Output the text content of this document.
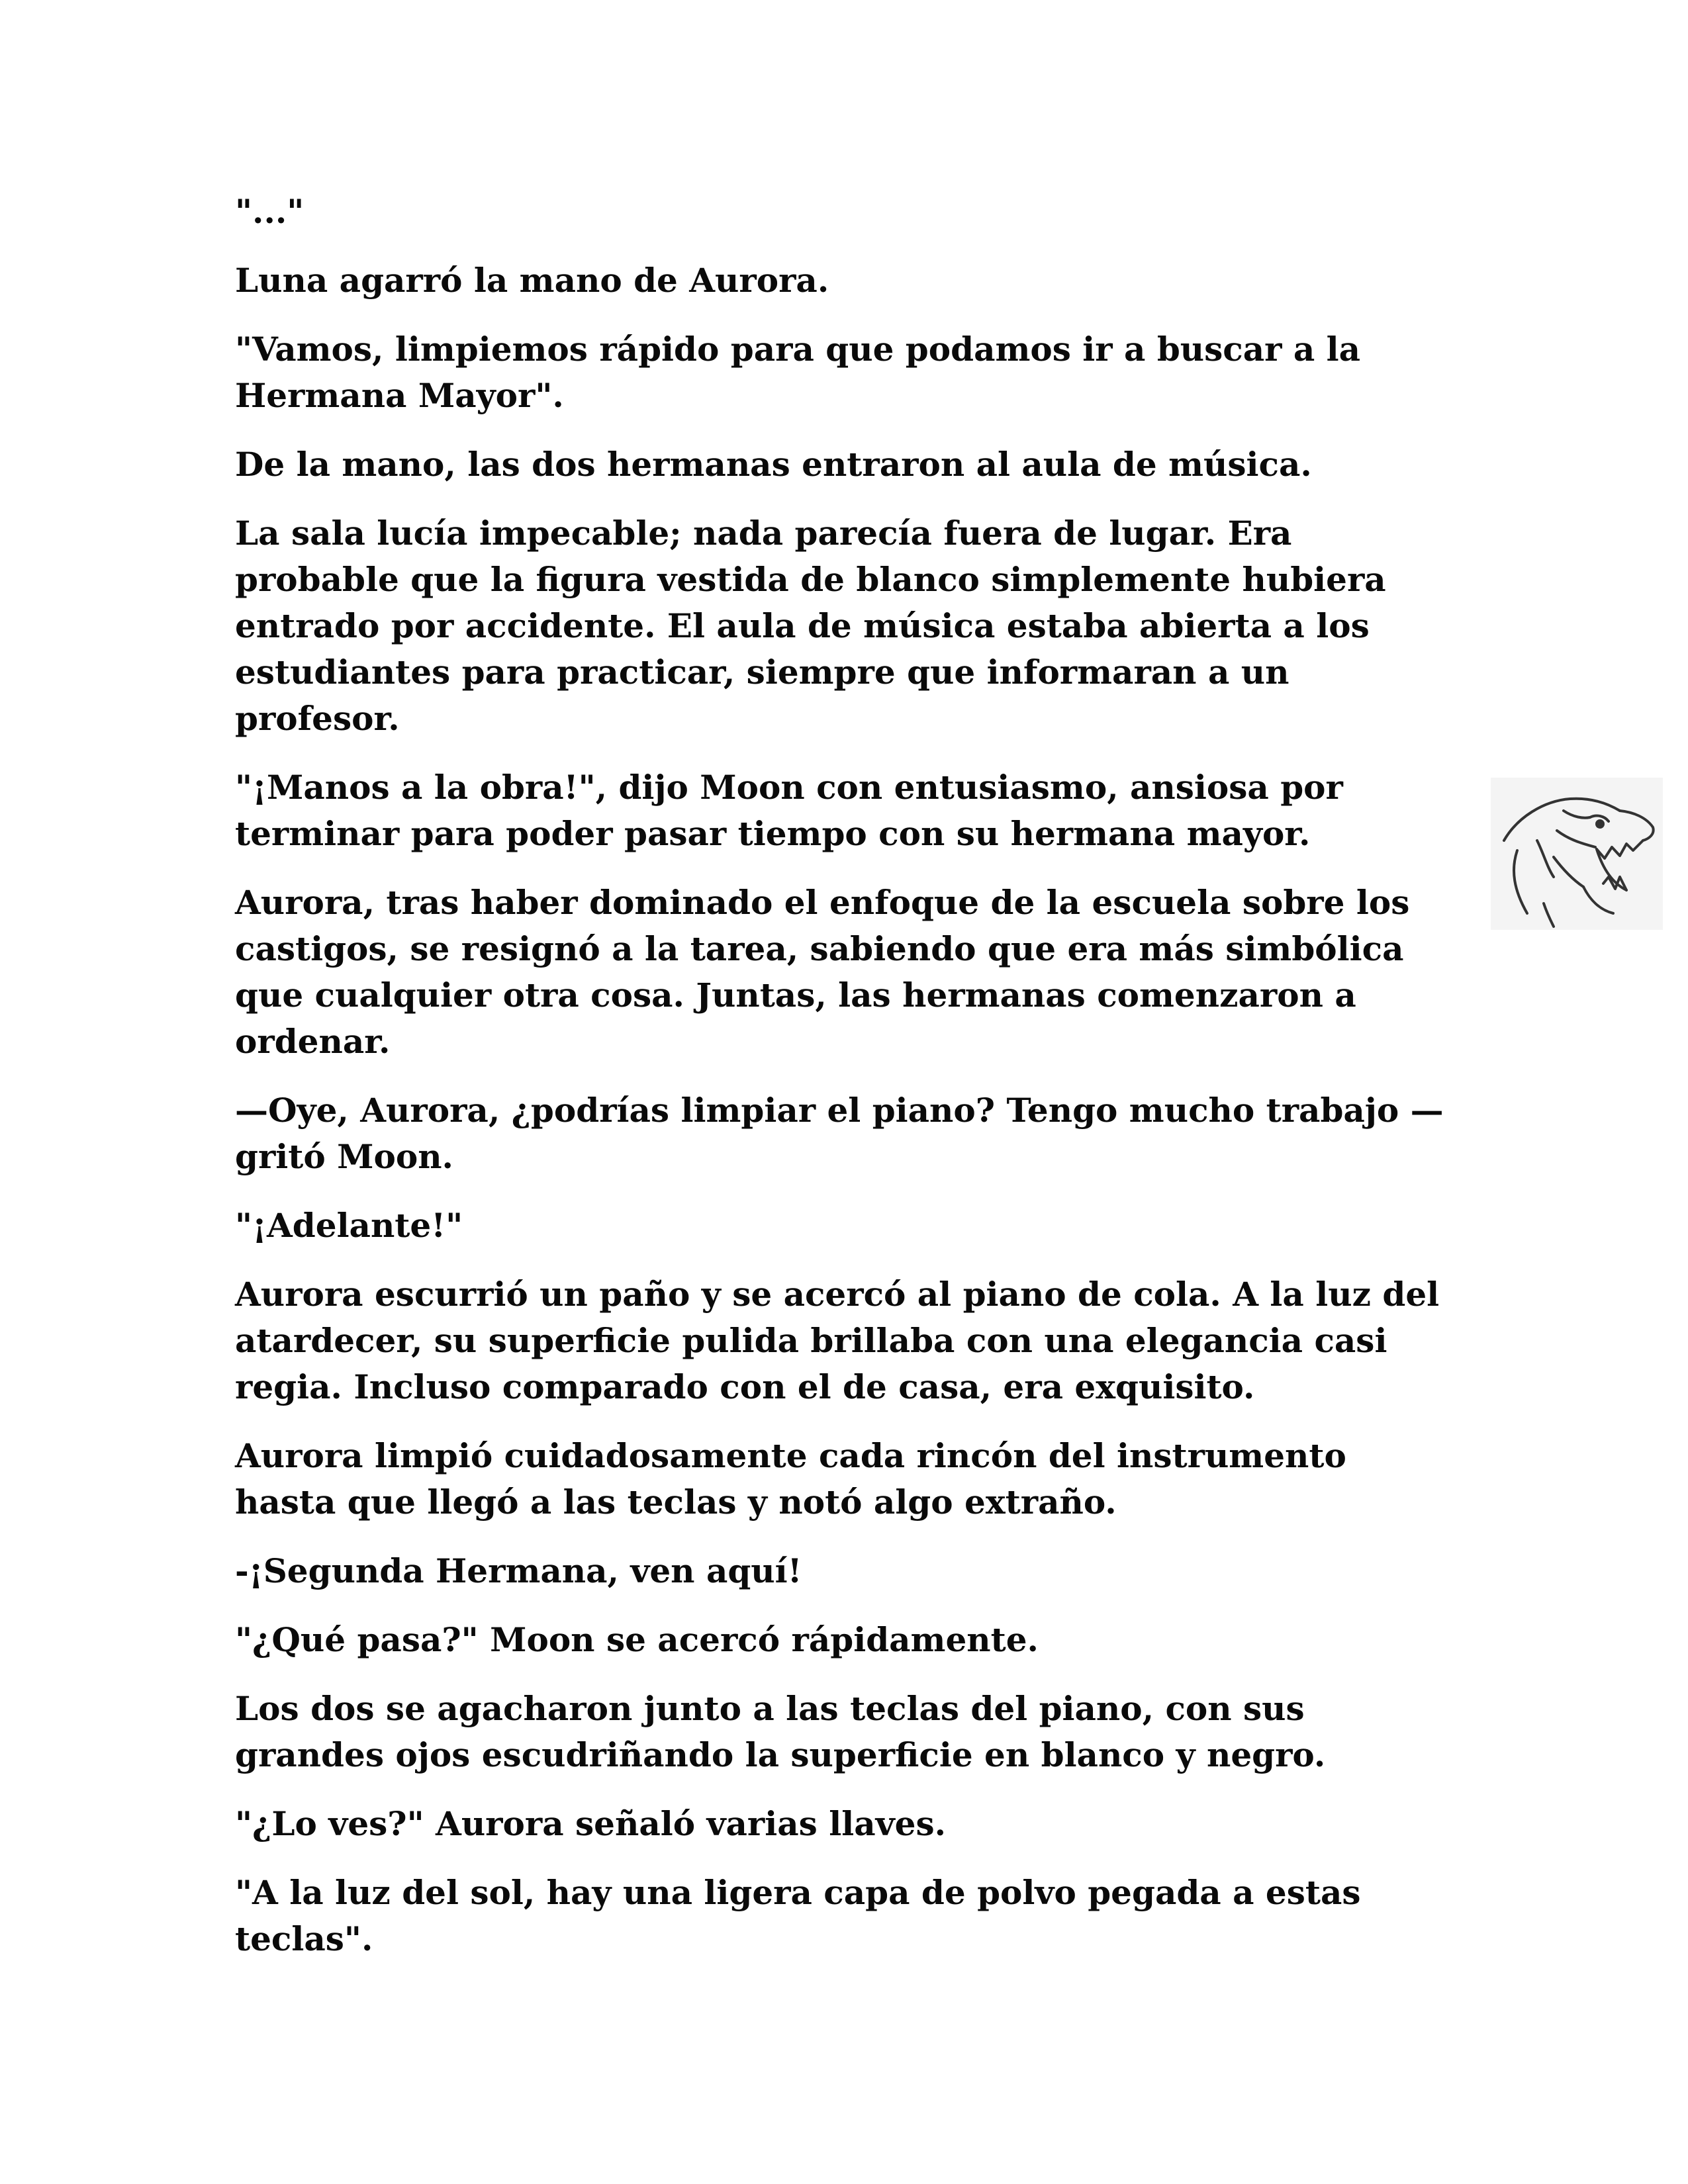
"..."

Luna agarró la mano de Aurora.

"Vamos, limpiemos rápido para que podamos ir a buscar a la Hermana Mayor".

De la mano, las dos hermanas entraron al aula de música.

La sala lucía impecable; nada parecía fuera de lugar. Era probable que la figura vestida de blanco simplemente hubiera entrado por accidente. El aula de música estaba abierta a los estudiantes para practicar, siempre que informaran a un profesor.

"¡Manos a la obra!", dijo Moon con entusiasmo, ansiosa por terminar para poder pasar tiempo con su hermana mayor.

Aurora, tras haber dominado el enfoque de la escuela sobre los castigos, se resignó a la tarea, sabiendo que era más simbólica que cualquier otra cosa. Juntas, las hermanas comenzaron a ordenar.

—Oye, Aurora, ¿podrías limpiar el piano? Tengo mucho trabajo —gritó Moon.

"¡Adelante!"

Aurora escurrió un paño y se acercó al piano de cola. A la luz del atardecer, su superficie pulida brillaba con una elegancia casi regia. Incluso comparado con el de casa, era exquisito.

Aurora limpió cuidadosamente cada rincón del instrumento hasta que llegó a las teclas y notó algo extraño.

-¡Segunda Hermana, ven aquí!

"¿Qué pasa?" Moon se acercó rápidamente.

Los dos se agacharon junto a las teclas del piano, con sus grandes ojos escudriñando la superficie en blanco y negro.

"¿Lo ves?" Aurora señaló varias llaves.

"A la luz del sol, hay una ligera capa de polvo pegada a estas teclas".
